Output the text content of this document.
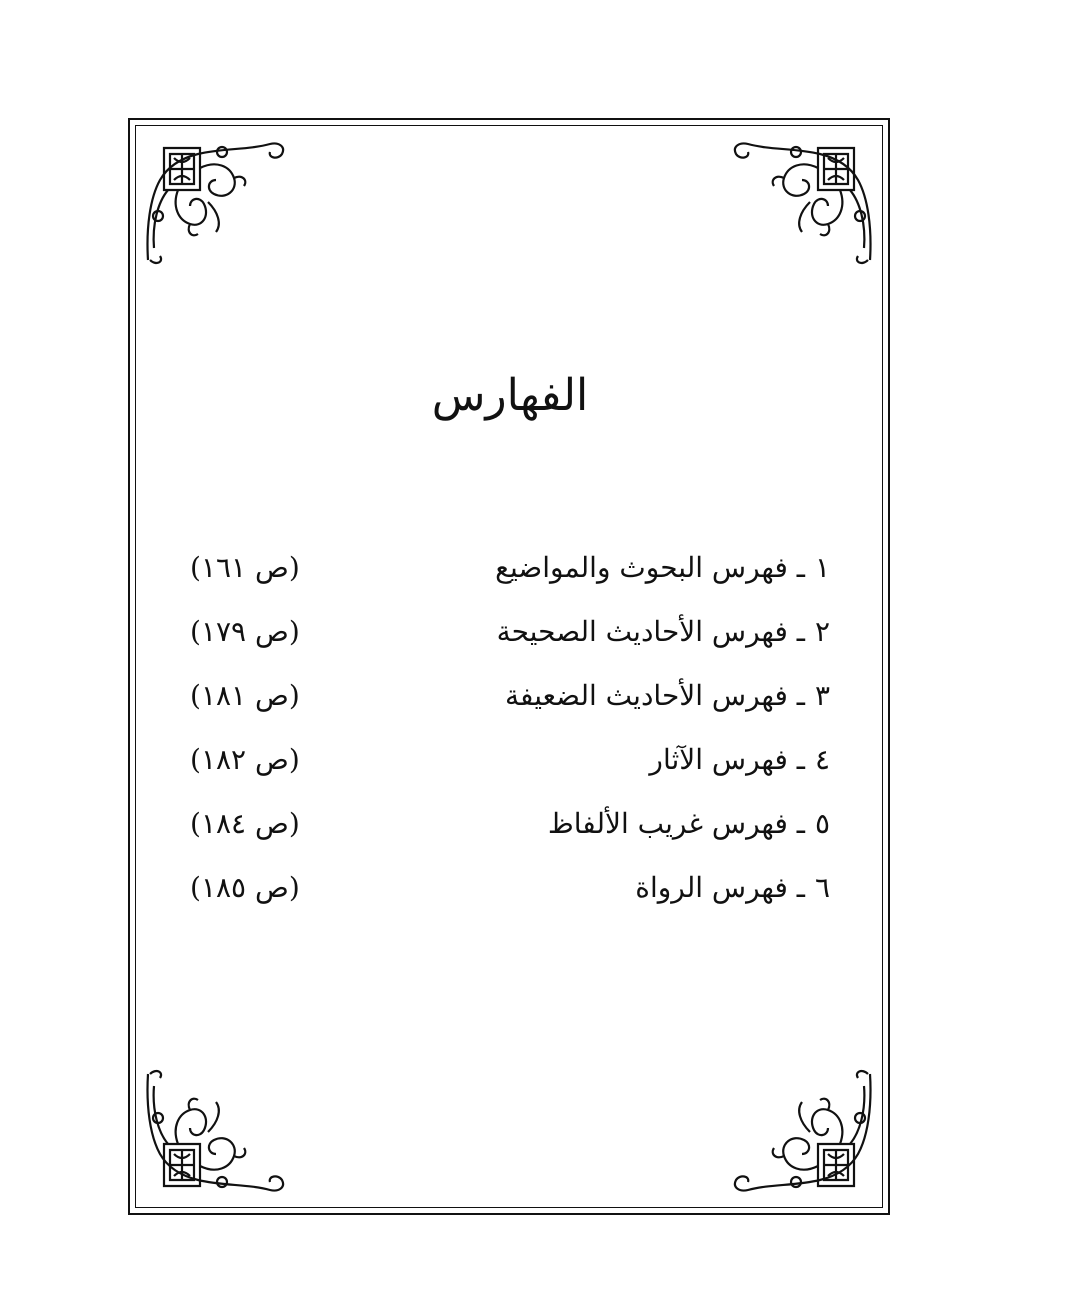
الفهارس
١
ـ فهرس البحوث والمواضيع
(ص ١٦١)
٢
ـ فهرس الأحاديث الصحيحة
(ص ١٧٩)
٣
ـ فهرس الأحاديث الضعيفة
(ص ١٨١)
٤
ـ فهرس الآثار
(ص ١٨٢)
٥
ـ فهرس غريب الألفاظ
(ص ١٨٤)
٦
ـ فهرس الرواة
(ص ١٨٥)
